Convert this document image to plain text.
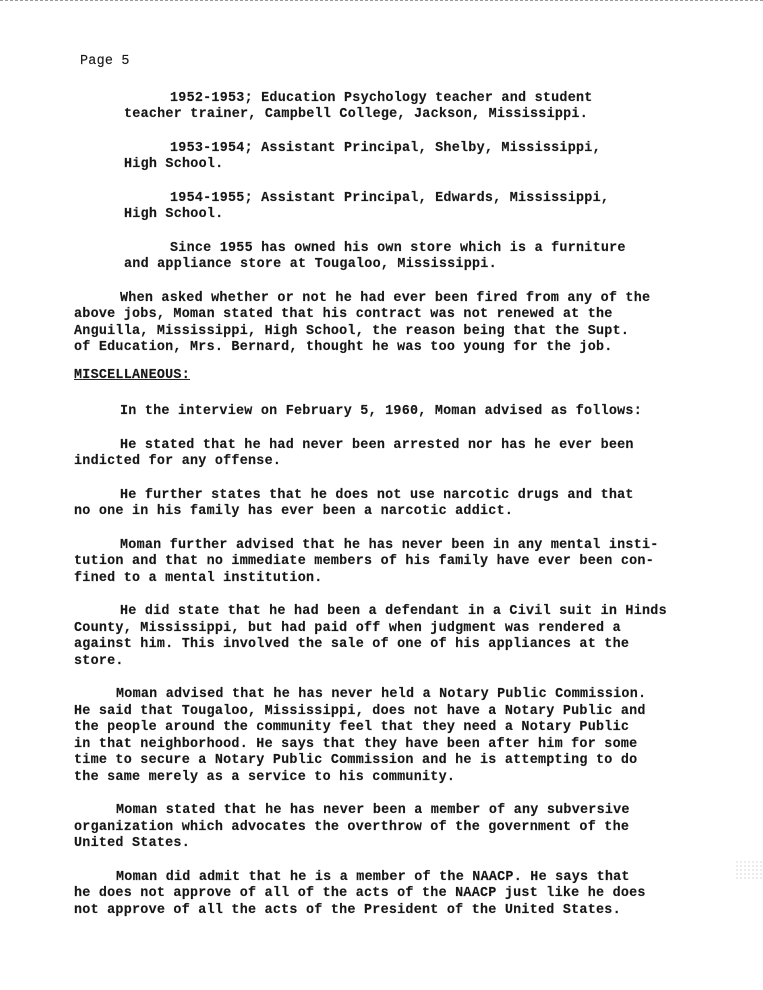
Page 5
1952-1953; Education Psychology teacher and student
teacher trainer, Campbell College, Jackson, Mississippi.
1953-1954; Assistant Principal, Shelby, Mississippi,
High School.
1954-1955; Assistant Principal, Edwards, Mississippi,
High School.
Since 1955 has owned his own store which is a furniture
and appliance store at Tougaloo, Mississippi.
When asked whether or not he had ever been fired from any of the
above jobs, Moman stated that his contract was not renewed at the
Anguilla, Mississippi, High School, the reason being that the Supt.
of Education, Mrs. Bernard, thought he was too young for the job.
MISCELLANEOUS:
In the interview on February 5, 1960, Moman advised as follows:
He stated that he had never been arrested nor has he ever been
indicted for any offense.
He further states that he does not use narcotic drugs and that
no one in his family has ever been a narcotic addict.
Moman further advised that he has never been in any mental insti-
tution and that no immediate members of his family have ever been con-
fined to a mental institution.
He did state that he had been a defendant in a Civil suit in Hinds
County, Mississippi, but had paid off when judgment was rendered a
against him. This involved the sale of one of his appliances at the
store.
Moman advised that he has never held a Notary Public Commission.
He said that Tougaloo, Mississippi, does not have a Notary Public and
the people around the community feel that they need a Notary Public
in that neighborhood. He says that they have been after him for some
time to secure a Notary Public Commission and he is attempting to do
the same merely as a service to his community.
Moman stated that he has never been a member of any subversive
organization which advocates the overthrow of the government of the
United States.
Moman did admit that he is a member of the NAACP. He says that
he does not approve of all of the acts of the NAACP just like he does
not approve of all the acts of the President of the United States.
